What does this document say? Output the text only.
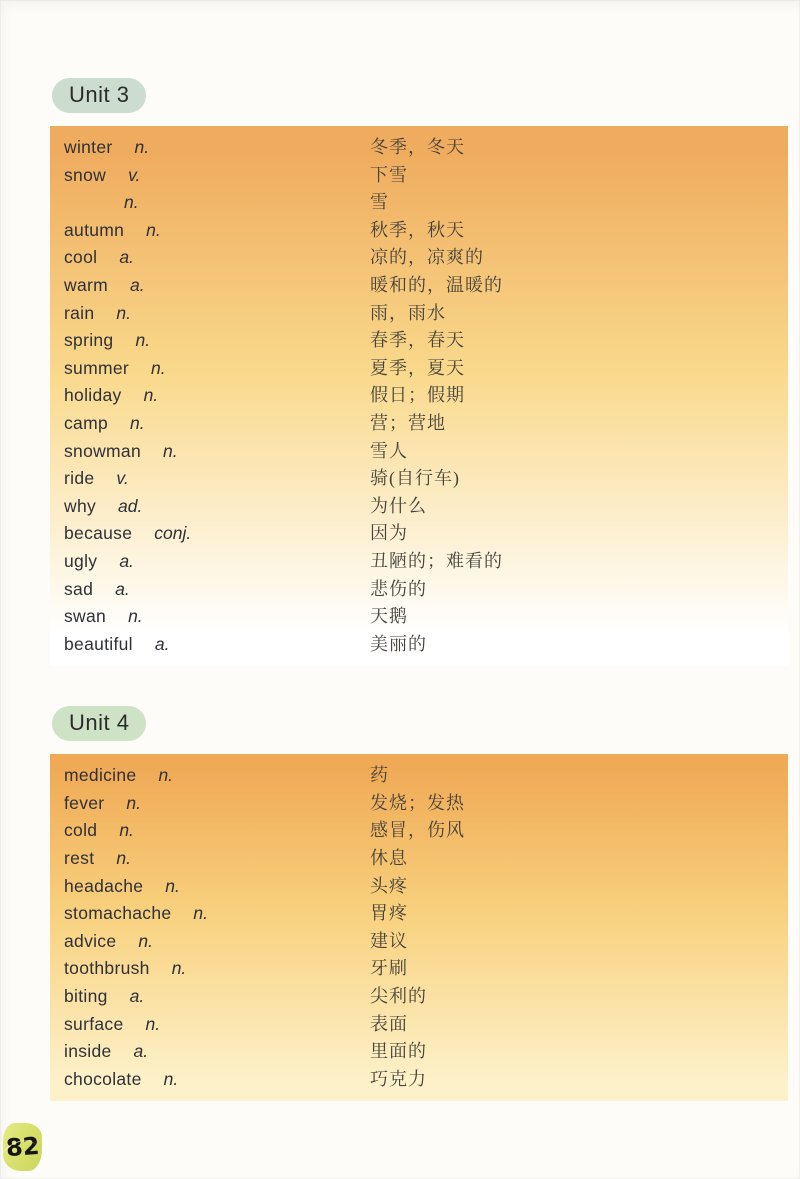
Unit 3
winter n.	冬季，冬天
snow v.	下雪
n.	雪
autumn n.	秋季，秋天
cool a.	凉的，凉爽的
warm a.	暖和的，温暖的
rain n.	雨，雨水
spring n.	春季，春天
summer n.	夏季，夏天
holiday n.	假日；假期
camp n.	营；营地
snowman n.	雪人
ride v.	骑(自行车)
why ad.	为什么
because conj.	因为
ugly a.	丑陋的；难看的
sad a.	悲伤的
swan n.	天鹅
beautiful a.	美丽的
Unit 4
medicine n.	药
fever n.	发烧；发热
cold n.	感冒，伤风
rest n.	休息
headache n.	头疼
stomachache n.	胃疼
advice n.	建议
toothbrush n.	牙刷
biting a.	尖利的
surface n.	表面
inside a.	里面的
chocolate n.	巧克力
82
